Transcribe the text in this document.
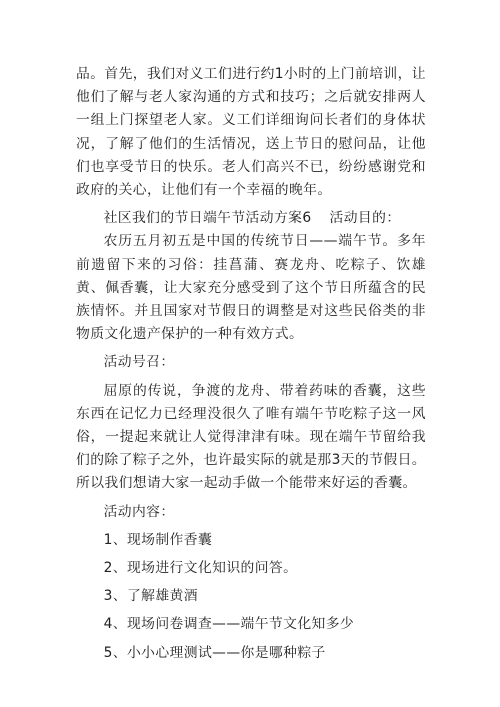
品。首先，我们对义工们进行约1小时的上门前培训，让他们了解与老人家沟通的方式和技巧；之后就安排两人一组上门探望老人家。义工们详细询问长者们的身体状况，了解了他们的生活情况，送上节日的慰问品，让他们也享受节日的快乐。老人们高兴不已，纷纷感谢党和政府的关心，让他们有一个幸福的晚年。

社区我们的节日端午节活动方案6 活动目的：

农历五月初五是中国的传统节日——端午节。多年前遗留下来的习俗：挂菖蒲、赛龙舟、吃粽子、饮雄黄、佩香囊，让大家充分感受到了这个节日所蕴含的民族情怀。并且国家对节假日的调整是对这些民俗类的非物质文化遗产保护的一种有效方式。

活动号召：

屈原的传说，争渡的龙舟、带着药味的香囊，这些东西在记忆力已经理没很久了唯有端午节吃粽子这一风俗，一提起来就让人觉得津津有味。现在端午节留给我们的除了粽子之外，也许最实际的就是那3天的节假日。所以我们想请大家一起动手做一个能带来好运的香囊。

活动内容：

1、现场制作香囊

2、现场进行文化知识的问答。

3、了解雄黄酒

4、现场问卷调查——端午节文化知多少

5、小小心理测试——你是哪种粽子
